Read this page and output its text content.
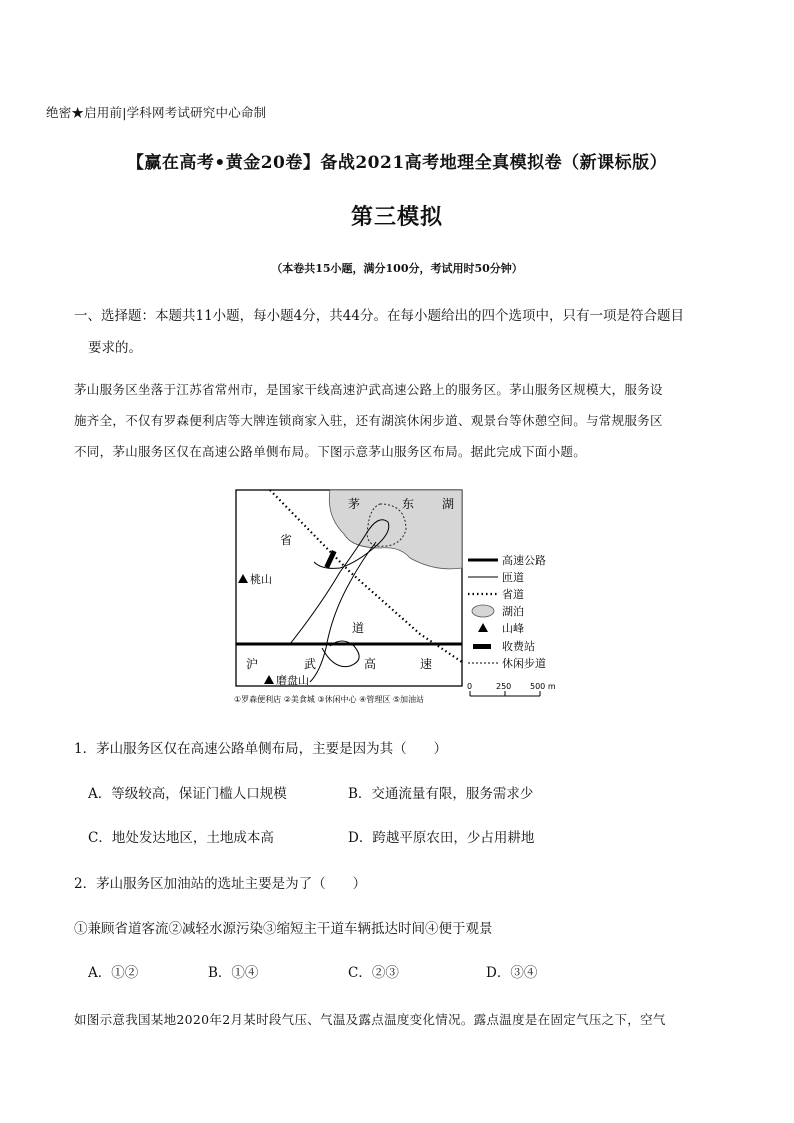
绝密★启用前|学科网考试研究中心命制
【赢在高考•黄金20卷】备战2021高考地理全真模拟卷（新课标版）
第三模拟
（本卷共15小题，满分100分，考试用时50分钟）
一、选择题：本题共11小题，每小题4分，共44分。在每小题给出的四个选项中，只有一项是符合题目
要求的。
茅山服务区坐落于江苏省常州市，是国家干线高速沪武高速公路上的服务区。茅山服务区规模大，服务设
施齐全，不仅有罗森便利店等大牌连锁商家入驻，还有湖滨休闲步道、观景台等休憩空间。与常规服务区
不同，茅山服务区仅在高速公路单侧布局。下图示意茅山服务区布局。据此完成下面小题。
茅	东 湖
省
道
沪	武	高	速
桃山
磨盘山
高速公路
匝道
省道
湖泊
山峰
收费站
休闲步道
①罗森便利店 ②美食城 ③休闲中心 ④管理区 ⑤加油站
0	250 500 m
1．茅山服务区仅在高速公路单侧布局，主要是因为其（　　）
A．等级较高，保证门槛人口规模	B．交通流量有限，服务需求少
C．地处发达地区，土地成本高	D．跨越平原农田，少占用耕地
2．茅山服务区加油站的选址主要是为了（　　）
①兼顾省道客流②减轻水源污染③缩短主干道车辆抵达时间④便于观景
A．①②	B．①④	C．②③	D．③④
如图示意我国某地2020年2月某时段气压、气温及露点温度变化情况。露点温度是在固定气压之下，空气
